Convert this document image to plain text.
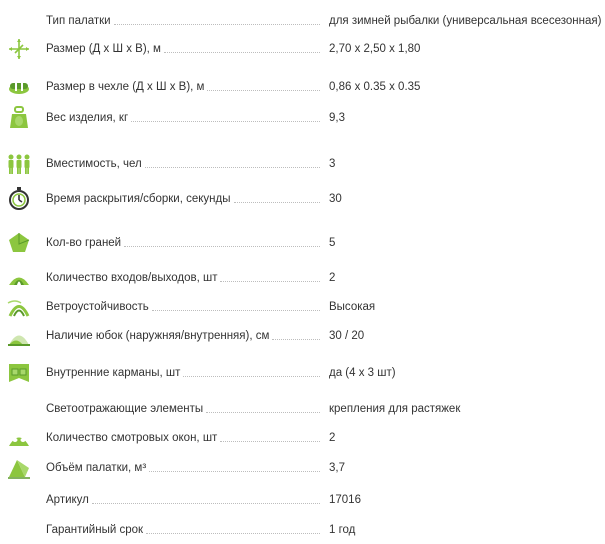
Тип палатки	для зимней рыбалки (универсальная всесезонная)
Размер (Д х Ш х В), м	2,70 х 2,50 х 1,80
Размер в чехле (Д х Ш х В), м	0,86 х 0.35 х 0.35
Вес изделия, кг	9,3
Вместимость, чел	3
Время раскрытия/сборки, секунды	30
Кол-во граней	5
Количество входов/выходов, шт	2
Ветроустойчивость	Высокая
Наличие юбок (наружняя/внутренняя), см	30 / 20
Внутренние карманы, шт	да (4 х 3 шт)
Светоотражающие элементы	крепления для растяжек
Количество смотровых окон, шт	2
Объём палатки, м³	3,7
Артикул	17016
Гарантийный срок	1 год
